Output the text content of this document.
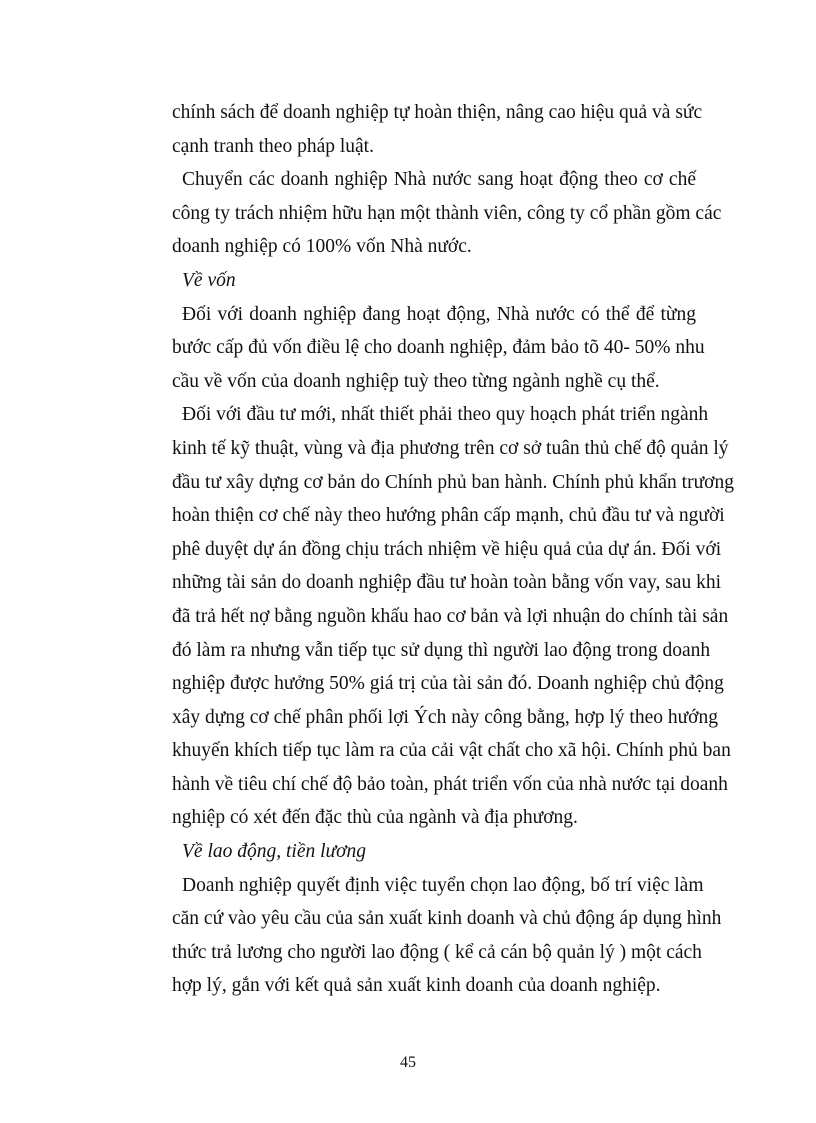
chính sách để doanh nghiệp tự hoàn thiện, nâng cao hiệu quả và sức
cạnh tranh theo pháp luật.
Chuyển các doanh nghiệp Nhà nước sang hoạt động theo cơ chế
công ty trách nhiệm hữu hạn một thành viên, công ty cổ phần gồm các
doanh nghiệp có 100% vốn Nhà nước.
Về vốn
Đối với doanh nghiệp đang hoạt động, Nhà nước có thể để từng
bước cấp đủ vốn điều lệ cho doanh nghiệp, đảm bảo tõ 40- 50% nhu
cầu về vốn của doanh nghiệp tuỳ theo từng ngành nghề cụ thể.
Đối với đầu tư mới, nhất thiết phải theo quy hoạch phát triển ngành
kinh tế kỹ thuật, vùng và địa phương trên cơ sở tuân thủ chế độ quản lý
đầu tư xây dựng cơ bản do Chính phủ ban hành. Chính phủ khẩn trương
hoàn thiện cơ chế này theo hướng phân cấp mạnh, chủ đầu tư và người
phê duyệt dự án đồng chịu trách nhiệm về hiệu quả của dự án. Đối với
những tài sản do doanh nghiệp đầu tư hoàn toàn bằng vốn vay, sau khi
đã trả hết nợ bằng nguồn khấu hao cơ bản và lợi nhuận do chính tài sản
đó làm ra nhưng vẫn tiếp tục sử dụng thì người lao động trong doanh
nghiệp được hưởng 50% giá trị của tài sản đó. Doanh nghiệp chủ động
xây dựng cơ chế phân phối lợi Ých này công bằng, hợp lý theo hướng
khuyến khích tiếp tục làm ra của cải vật chất cho xã hội. Chính phủ ban
hành về tiêu chí chế độ bảo toàn, phát triển vốn của nhà nước tại doanh
nghiệp có xét đến đặc thù của ngành và địa phương.
Về lao động, tiền lương
Doanh nghiệp quyết định việc tuyển chọn lao động, bố trí việc làm
căn cứ vào yêu cầu của sản xuất kinh doanh và chủ động áp dụng hình
thức trả lương cho người lao động ( kể cả cán bộ quản lý ) một cách
hợp lý, gắn với kết quả sản xuất kinh doanh của doanh nghiệp.
45
